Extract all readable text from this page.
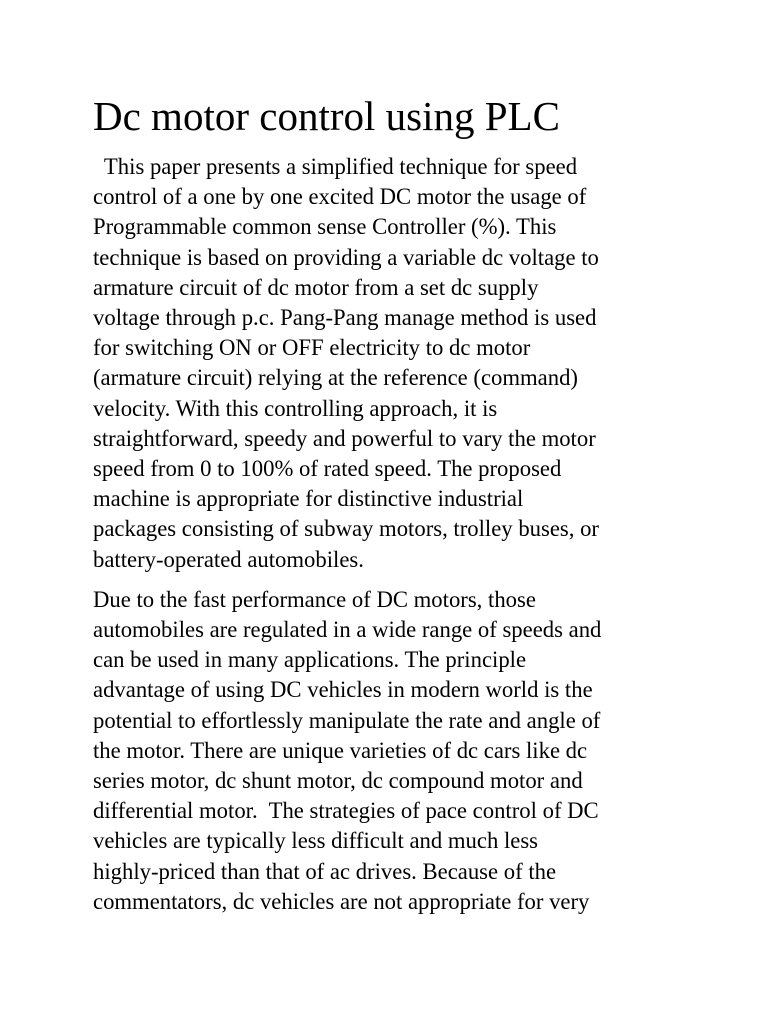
Dc motor control using PLC

This paper presents a simplified technique for speed
control of a one by one excited DC motor the usage of
Programmable common sense Controller (%). This
technique is based on providing a variable dc voltage to
armature circuit of dc motor from a set dc supply
voltage through p.c. Pang-Pang manage method is used
for switching ON or OFF electricity to dc motor
(armature circuit) relying at the reference (command)
velocity. With this controlling approach, it is
straightforward, speedy and powerful to vary the motor
speed from 0 to 100% of rated speed. The proposed
machine is appropriate for distinctive industrial
packages consisting of subway motors, trolley buses, or
battery-operated automobiles.

Due to the fast performance of DC motors, those
automobiles are regulated in a wide range of speeds and
can be used in many applications. The principle
advantage of using DC vehicles in modern world is the
potential to effortlessly manipulate the rate and angle of
the motor. There are unique varieties of dc cars like dc
series motor, dc shunt motor, dc compound motor and
differential motor.  The strategies of pace control of DC
vehicles are typically less difficult and much less
highly-priced than that of ac drives. Because of the
commentators, dc vehicles are not appropriate for very
